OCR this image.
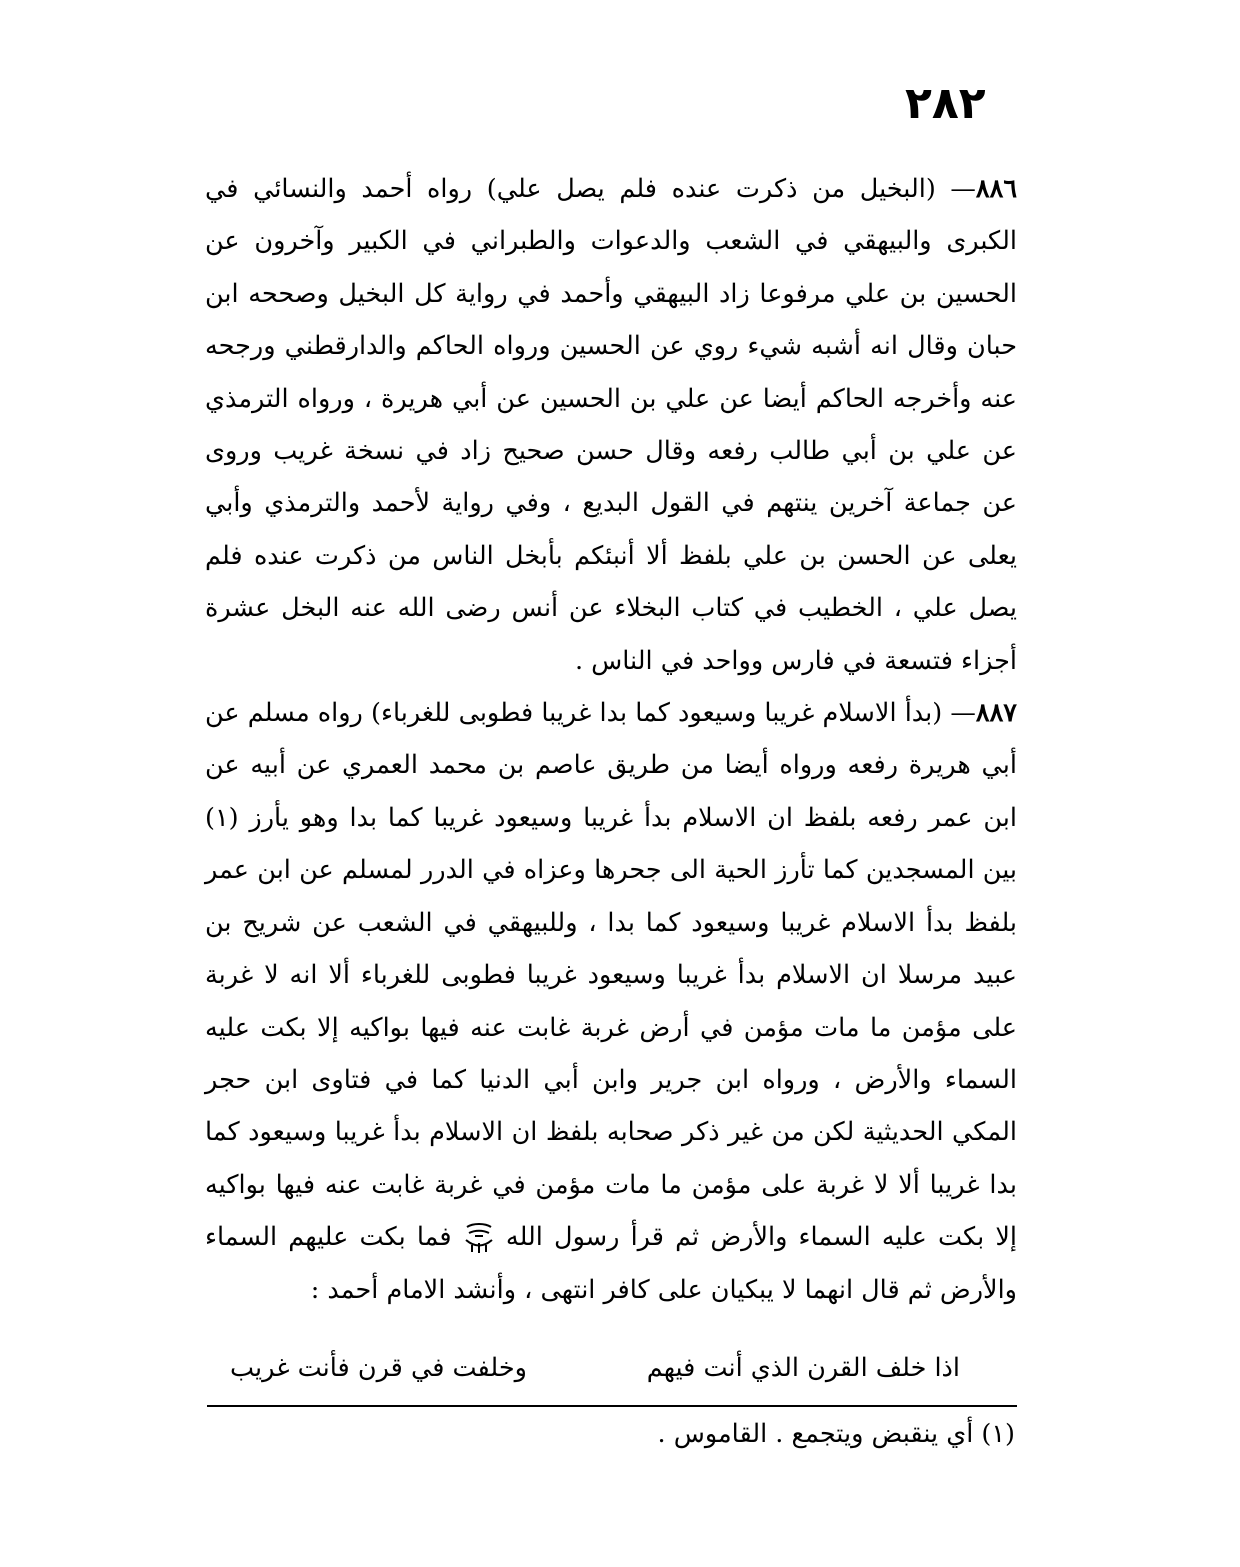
٢٨٢

٨٨٦— (البخيل من ذكرت عنده فلم يصل علي) رواه أحمد والنسائي في الكبرى والبيهقي في الشعب والدعوات والطبراني في الكبير وآخرون عن الحسين بن علي مرفوعا زاد البيهقي وأحمد في رواية كل البخيل وصححه ابن حبان وقال انه أشبه شيء روي عن الحسين ورواه الحاكم والدارقطني ورجحه عنه وأخرجه الحاكم أيضا عن علي بن الحسين عن أبي هريرة ، ورواه الترمذي عن علي بن أبي طالب رفعه وقال حسن صحيح زاد في نسخة غريب وروى عن جماعة آخرين ينتهم في القول البديع ، وفي رواية لأحمد والترمذي وأبي يعلى عن الحسن بن علي بلفظ ألا أنبئكم بأبخل الناس من ذكرت عنده فلم يصل علي ، الخطيب في كتاب البخلاء عن أنس رضى الله عنه البخل عشرة أجزاء فتسعة في فارس وواحد في الناس .

٨٨٧— (بدأ الاسلام غريبا وسيعود كما بدا غريبا فطوبى للغرباء) رواه مسلم عن أبي هريرة رفعه ورواه أيضا من طريق عاصم بن محمد العمري عن أبيه عن ابن عمر رفعه بلفظ ان الاسلام بدأ غريبا وسيعود غريبا كما بدا وهو يأرز (١) بين المسجدين كما تأرز الحية الى جحرها وعزاه في الدرر لمسلم عن ابن عمر بلفظ بدأ الاسلام غريبا وسيعود كما بدا ، وللبيهقي في الشعب عن شريح بن عبيد مرسلا ان الاسلام بدأ غريبا وسيعود غريبا فطوبى للغرباء ألا انه لا غربة على مؤمن ما مات مؤمن في أرض غربة غابت عنه فيها بواكيه إلا بكت عليه السماء والأرض ، ورواه ابن جرير وابن أبي الدنيا كما في فتاوى ابن حجر المكي الحديثية لكن من غير ذكر صحابه بلفظ ان الاسلام بدأ غريبا وسيعود كما بدا غريبا ألا لا غربة على مؤمن ما مات مؤمن في غربة غابت عنه فيها بواكيه إلا بكت عليه السماء والأرض ثم قرأ رسول الله  فما بكت عليهم السماء والأرض ثم قال انهما لا يبكيان على كافر انتهى ، وأنشد الامام أحمد :

اذا خلف القرن الذي أنت فيهم
وخلفت في قرن فأنت غريب
(١) أي ينقبض ويتجمع . القاموس .
